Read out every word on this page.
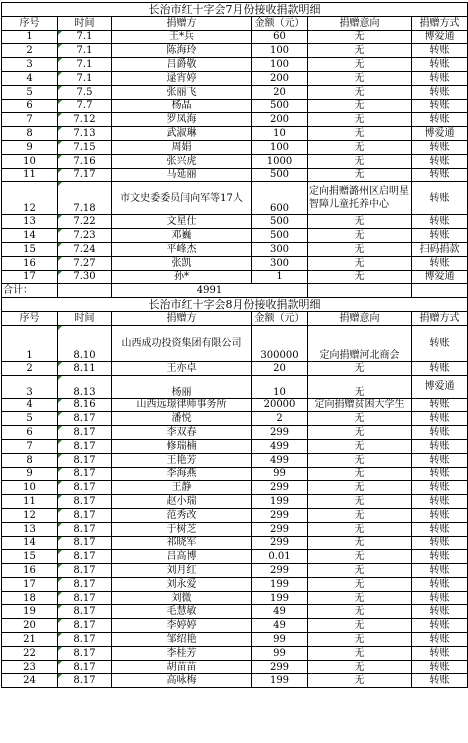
长治市红十字会7月份接收捐款明细					
序号	时间	捐赠方	金额（元）	捐赠意向	捐赠方式
1	7.1	王*兵	60	无	博爱通
2	7.1	陈海玲	100	无	转账
3	7.1	吕爵敬	100	无	转账
4	7.1	逯宵婷	200	无	转账
5	7.5	张丽飞	20	无	转账
6	7.7	杨晶	500	无	转账
7	7.12	罗凤海	200	无	转账
8	7.13	武淑琳	10	无	博爱通
9	7.15	周娟	100	无	转账
10	7.16	张兴虎	1000	无	转账
11	7.17	马延丽	500	无	转账
12	7.18	市文史委委员闫向军等17人	600	定向捐赠潞州区启明星智障儿童托养中心	转账
13	7.22	文星仕	500	无	转账
14	7.23	邓巍	500	无	转账
15	7.24	平峰杰	300	无	扫码捐款
16	7.27	张凯	300	无	转账
17	7.30	孙*	1	无	博爱通
合计：		4991			
长治市红十字会8月份接收捐款明细					
序号	时间	捐赠方	金额（元）	捐赠意向	捐赠方式
1	8.10	山西成功投资集团有限公司	300000	定向捐赠河北商会	转账
2	8.11	王亦卓	20	无	转账
3	8.13	杨丽	10	无	博爱通
4	8.16	山西远璟律师事务所	20000	定向捐赠贫困大学生	转账
5	8.17	潘悦	2	无	转账
6	8.17	李双春	299	无	转账
7	8.17	修瑞楠	499	无	转账
8	8.17	王艳芳	499	无	转账
9	8.17	李海燕	99	无	转账
10	8.17	王静	299	无	转账
11	8.17	赵小瑞	199	无	转账
12	8.17	范秀改	299	无	转账
13	8.17	于树芝	299	无	转账
14	8.17	祁晓军	299	无	转账
15	8.17	吕高博	0.01	无	转账
16	8.17	刘月红	299	无	转账
17	8.17	刘永爱	199	无	转账
18	8.17	刘微	199	无	转账
19	8.17	毛慧敏	49	无	转账
20	8.17	李婷婷	49	无	转账
21	8.17	邹绍艳	99	无	转账
22	8.17	李桂芳	99	无	转账
23	8.17	胡苗苗	299	无	转账
24	8.17	高咏梅	199	无	转账
